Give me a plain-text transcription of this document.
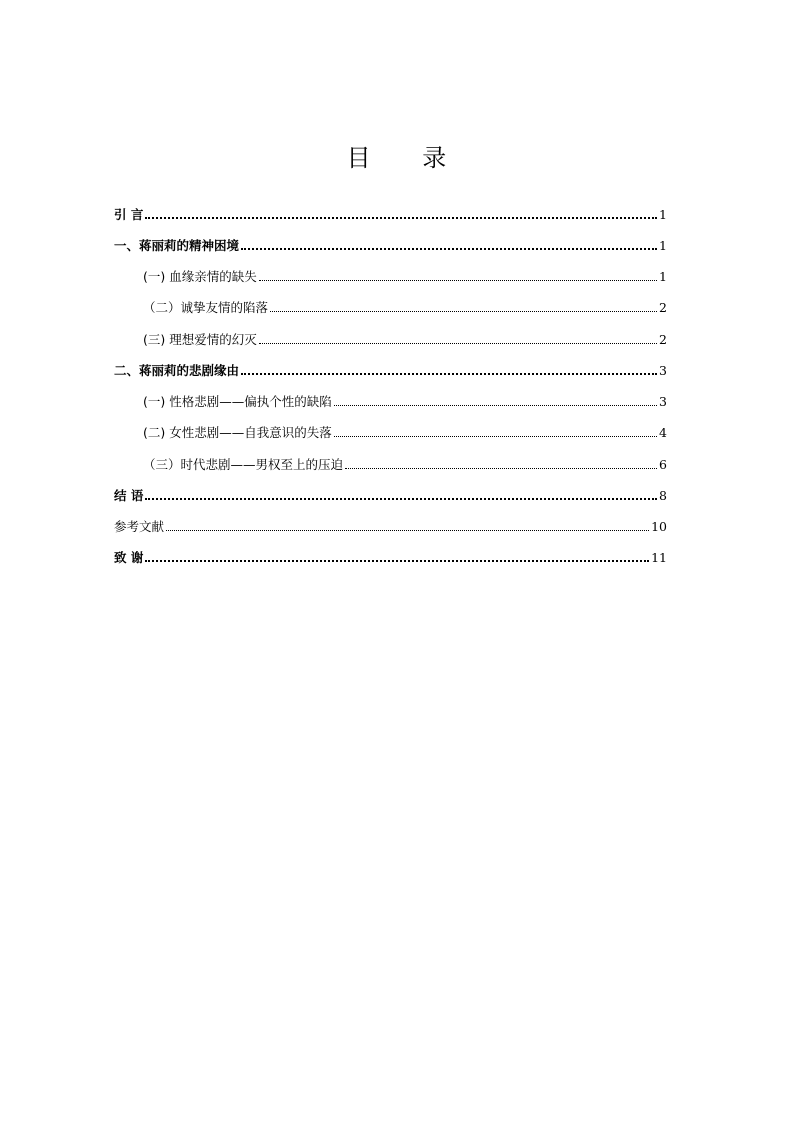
目 录
引 言	1
一、蒋丽莉的精神困境	1
(一) 血缘亲情的缺失	1
（二）诚挚友情的陷落	2
(三) 理想爱情的幻灭	2
二、蒋丽莉的悲剧缘由	3
(一) 性格悲剧——偏执个性的缺陷	3
(二) 女性悲剧——自我意识的失落	4
（三）时代悲剧——男权至上的压迫	6
结 语	8
参考文献	10
致 谢	11
